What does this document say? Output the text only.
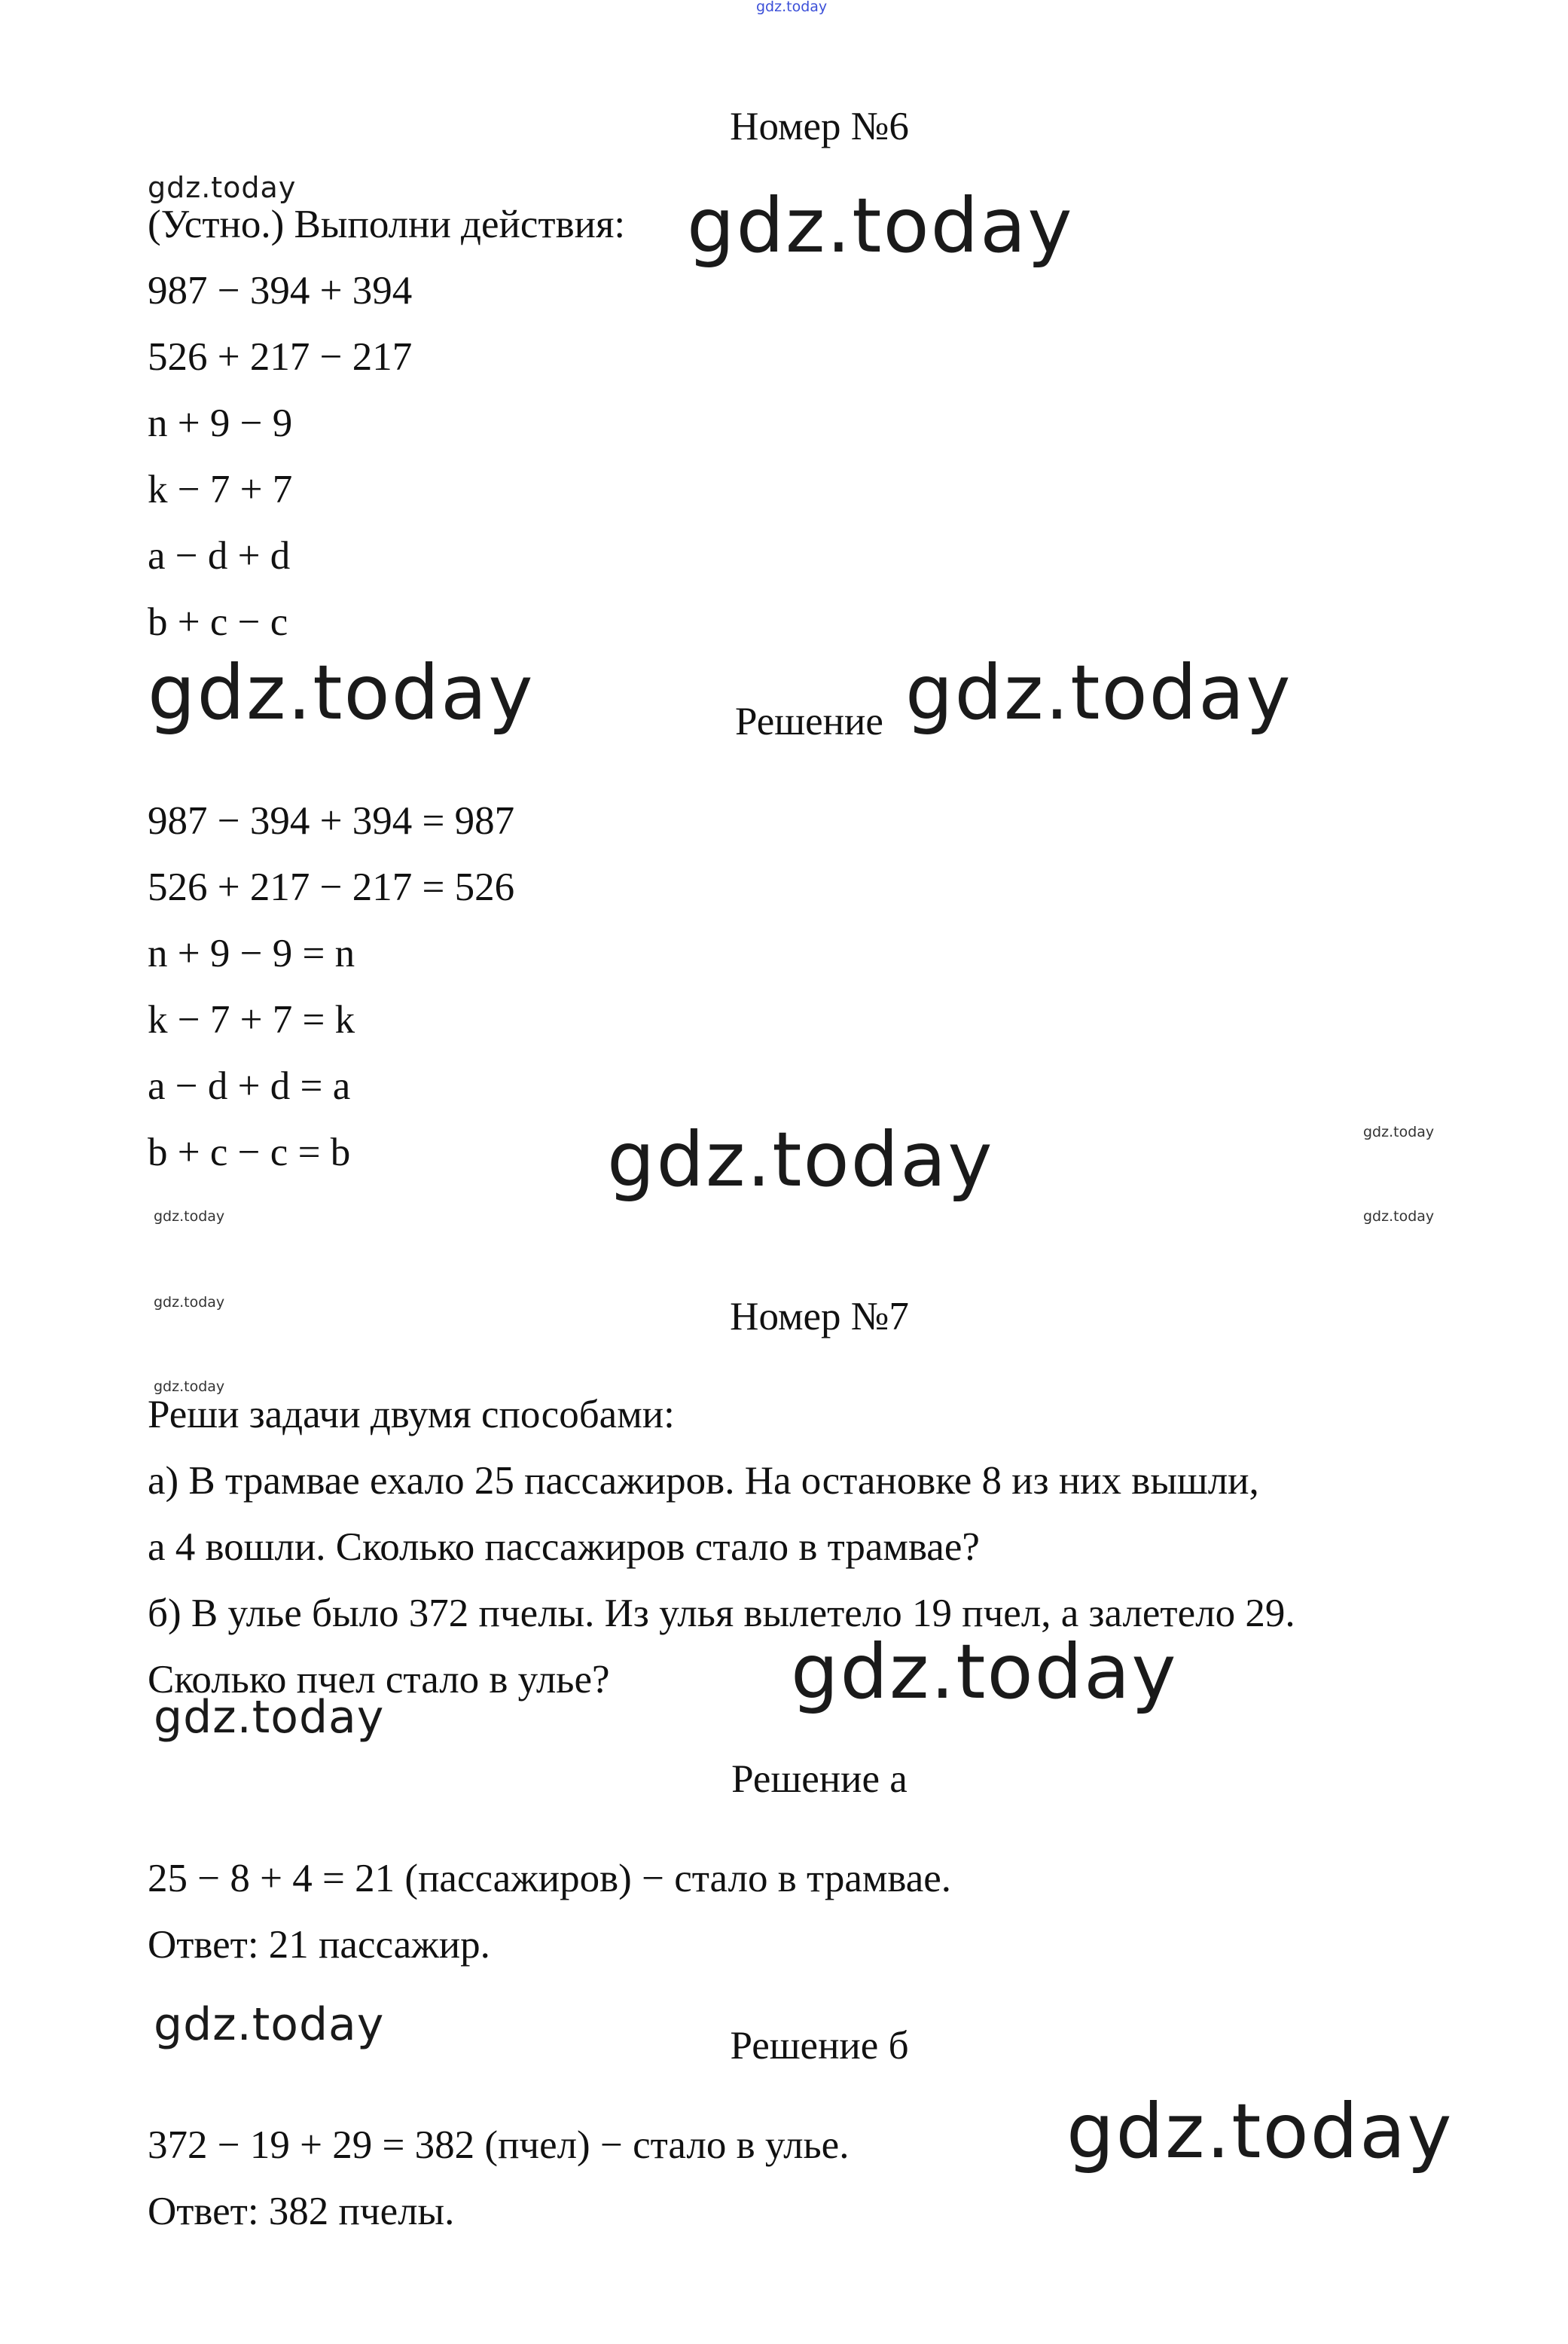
gdz.today
gdz.today	gdz.today
gdz.today	gdz.today
gdz.today	gdz.today
gdz.today	gdz.today
gdz.today
gdz.today
gdz.today
gdz.today
gdz.today
gdz.today
Номер №6
(Устно.) Выполни действия:
987 − 394 + 394
526 + 217 − 217
n + 9 − 9
k − 7 + 7
a − d + d
b + c − c
Решение
987 − 394 + 394 = 987
526 + 217 − 217 = 526
n + 9 − 9 = n
k − 7 + 7 = k
a − d + d = a
b + c − c = b
Номер №7
Реши задачи двумя способами:
а) В трамвае ехало 25 пассажиров. На остановке 8 из них вышли,
а 4 вошли. Сколько пассажиров стало в трамвае?
б) В улье было 372 пчелы. Из улья вылетело 19 пчел, а залетело 29.
Сколько пчел стало в улье?
Решение а
25 − 8 + 4 = 21 (пассажиров) − стало в трамвае.
Ответ: 21 пассажир.
Решение б
372 − 19 + 29 = 382 (пчел) − стало в улье.
Ответ: 382 пчелы.
